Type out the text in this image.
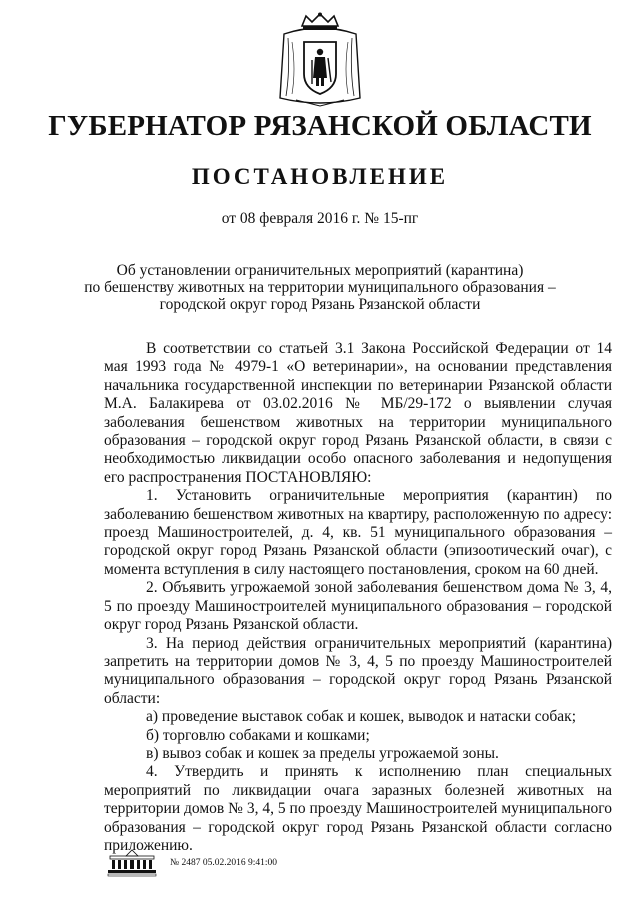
ГУБЕРНАТОР РЯЗАНСКОЙ ОБЛАСТИ
ПОСТАНОВЛЕНИЕ
от 08 февраля 2016 г. № 15-пг
Об установлении ограничительных мероприятий (карантина)
по бешенству животных на территории муниципального образования –
городской округ город Рязань Рязанской области

В соответствии со статьей 3.1 Закона Российской Федерации от 14 мая 1993 года № 4979-1 «О ветеринарии», на основании представления начальника государственной инспекции по ветеринарии Рязанской области М.А. Балакирева от 03.02.2016 № МБ/29-172 о выявлении случая заболевания бешенством животных на территории муниципального образования – городской округ город Рязань Рязанской области, в связи с необходимостью ликвидации особо опасного заболевания и недопущения его распространения ПОСТАНОВЛЯЮ:

1. Установить ограничительные мероприятия (карантин) по заболеванию бешенством животных на квартиру, расположенную по адресу: проезд Машиностроителей, д. 4, кв. 51 муниципального образования – городской округ город Рязань Рязанской области (эпизоотический очаг), с момента вступления в силу настоящего постановления, сроком на 60 дней.

2. Объявить угрожаемой зоной заболевания бешенством дома № 3, 4, 5 по проезду Машиностроителей муниципального образования – городской округ город Рязань Рязанской области.

3. На период действия ограничительных мероприятий (карантина) запретить на территории домов № 3, 4, 5 по проезду Машиностроителей муниципального образования – городской округ город Рязань Рязанской области:

а) проведение выставок собак и кошек, выводок и натаски собак;

б) торговлю собаками и кошками;

в) вывоз собак и кошек за пределы угрожаемой зоны.

4. Утвердить и принять к исполнению план специальных мероприятий по ликвидации очага заразных болезней животных на территории домов № 3, 4, 5 по проезду Машиностроителей муниципального образования – городской округ город Рязань Рязанской области согласно приложению.

№ 2487 05.02.2016 9:41:00
